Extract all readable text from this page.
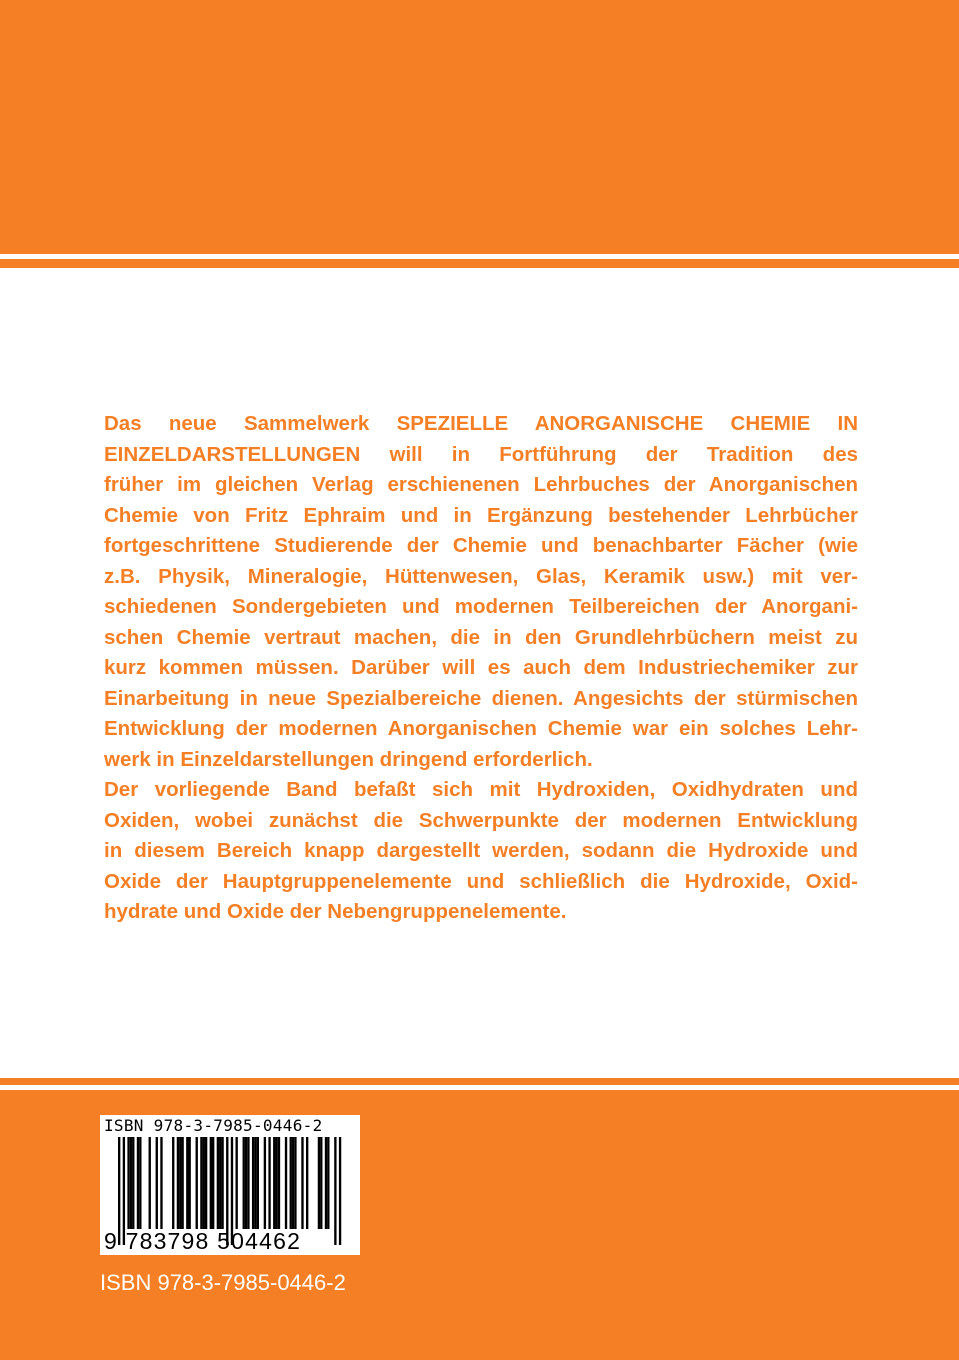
Das neue Sammelwerk SPEZIELLE ANORGANISCHE CHEMIE IN
EINZELDARSTELLUNGEN will in Fortführung der Tradition des
früher im gleichen Verlag erschienenen Lehrbuches der Anorganischen
Chemie von Fritz Ephraim und in Ergänzung bestehender Lehrbücher
fortgeschrittene Studierende der Chemie und benachbarter Fächer (wie
z.B. Physik, Mineralogie, Hüttenwesen, Glas, Keramik usw.) mit ver-
schiedenen Sondergebieten und modernen Teilbereichen der Anorgani-
schen Chemie vertraut machen, die in den Grundlehrbüchern meist zu
kurz kommen müssen. Darüber will es auch dem Industriechemiker zur
Einarbeitung in neue Spezialbereiche dienen. Angesichts der stürmischen
Entwicklung der modernen Anorganischen Chemie war ein solches Lehr-
werk in Einzeldarstellungen dringend erforderlich.
Der vorliegende Band befaßt sich mit Hydroxiden, Oxidhydraten und
Oxiden, wobei zunächst die Schwerpunkte der modernen Entwicklung
in diesem Bereich knapp dargestellt werden, sodann die Hydroxide und
Oxide der Hauptgruppenelemente und schließlich die Hydroxide, Oxid-
hydrate und Oxide der Nebengruppenelemente.
ISBN 978-3-7985-0446-2
9 783798 504462
ISBN 978-3-7985-0446-2
